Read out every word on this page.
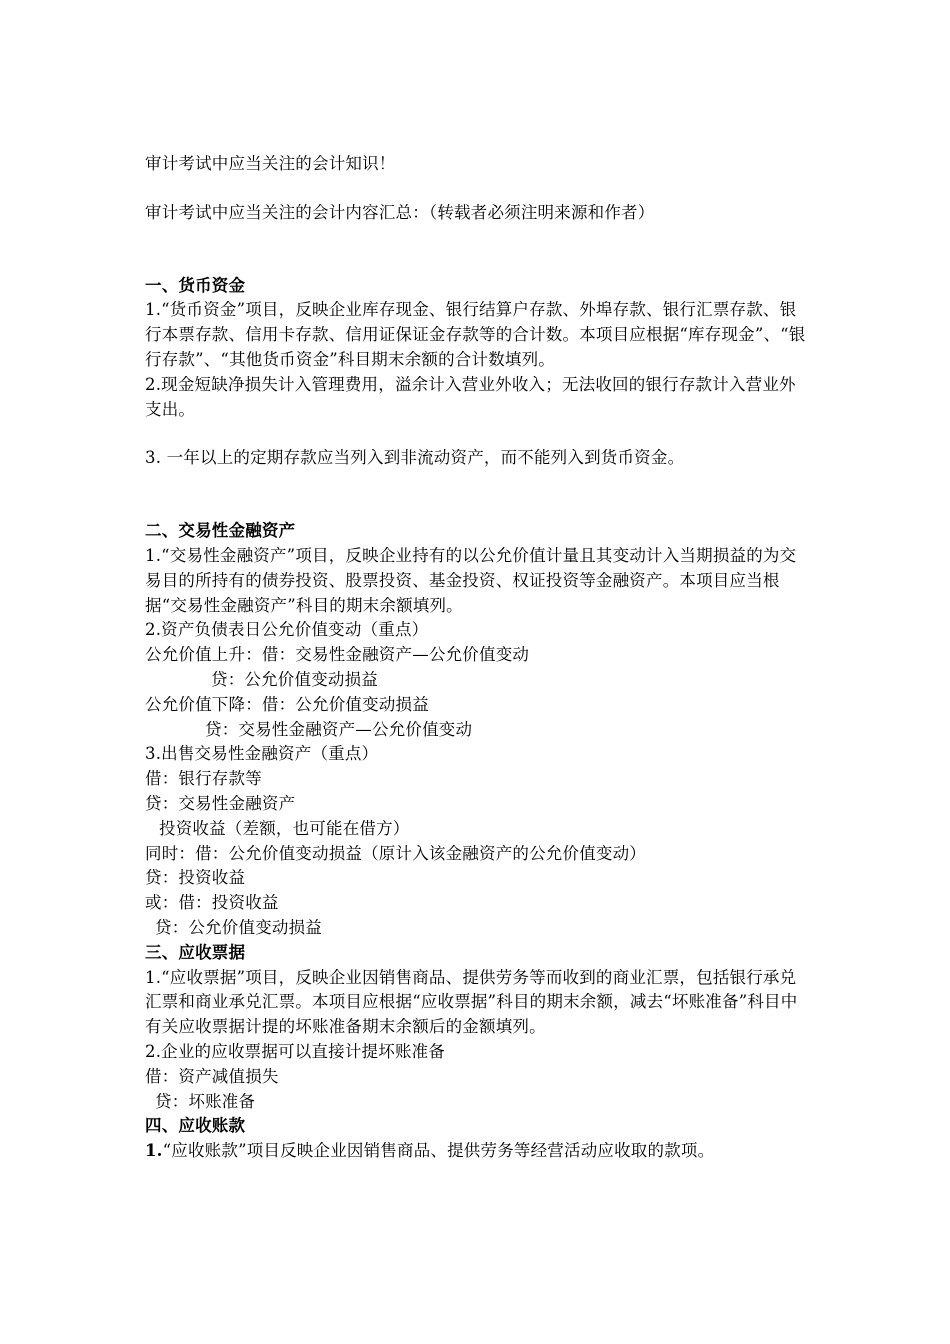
审计考试中应当关注的会计知识！

审计考试中应当关注的会计内容汇总：（转载者必须注明来源和作者）

一、货币资金

1.“货币资金”项目，反映企业库存现金、银行结算户存款、外埠存款、银行汇票存款、银行本票存款、信用卡存款、信用证保证金存款等的合计数。本项目应根据“库存现金”、“银行存款”、“其他货币资金”科目期末余额的合计数填列。

2.现金短缺净损失计入管理费用，溢余计入营业外收入；无法收回的银行存款计入营业外支出。

3. 一年以上的定期存款应当列入到非流动资产，而不能列入到货币资金。

二、交易性金融资产

1.“交易性金融资产”项目，反映企业持有的以公允价值计量且其变动计入当期损益的为交易目的所持有的债券投资、股票投资、基金投资、权证投资等金融资产。本项目应当根据“交易性金融资产”科目的期末余额填列。

2.资产负债表日公允价值变动（重点）

公允价值上升：借：交易性金融资产—公允价值变动

贷：公允价值变动损益

公允价值下降：借：公允价值变动损益

贷：交易性金融资产—公允价值变动

3.出售交易性金融资产（重点）

借：银行存款等

贷：交易性金融资产

投资收益（差额，也可能在借方）

同时：借：公允价值变动损益（原计入该金融资产的公允价值变动）

贷：投资收益

或：借：投资收益

贷：公允价值变动损益

三、应收票据

1.“应收票据”项目，反映企业因销售商品、提供劳务等而收到的商业汇票，包括银行承兑汇票和商业承兑汇票。本项目应根据“应收票据”科目的期末余额，减去“坏账准备”科目中有关应收票据计提的坏账准备期末余额后的金额填列。

2.企业的应收票据可以直接计提坏账准备

借：资产减值损失

贷：坏账准备

四、应收账款

1.“应收账款”项目反映企业因销售商品、提供劳务等经营活动应收取的款项。
